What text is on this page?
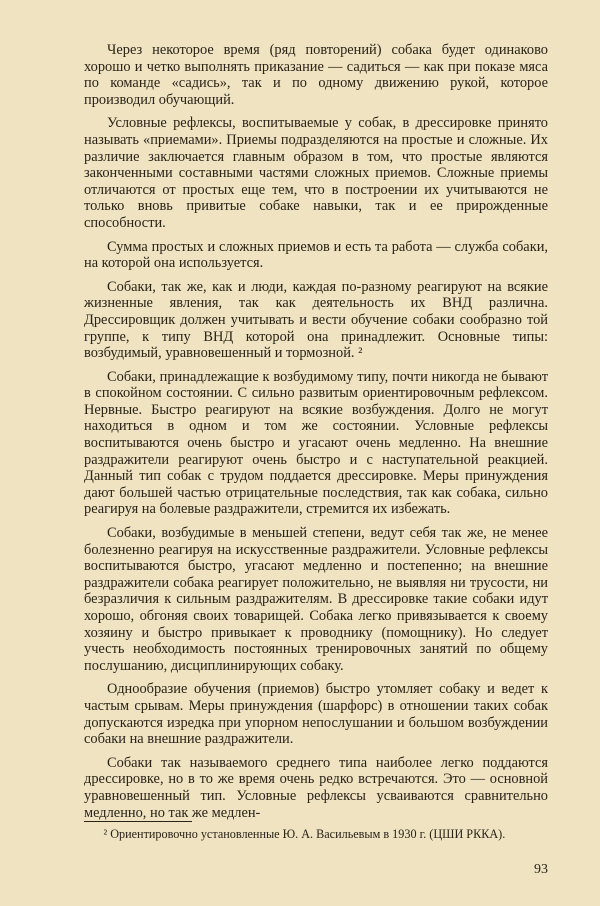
Через некоторое время (ряд повторений) собака будет одинаково хорошо и четко выполнять приказание — садиться — как при показе мяса по команде «садись», так и по одному движению рукой, которое производил обучающий.

Условные рефлексы, воспитываемые у собак, в дрессировке принято называть «приемами». Приемы подразделяются на простые и сложные. Их различие заключается главным образом в том, что простые являются законченными составными частями сложных приемов. Сложные приемы отличаются от простых еще тем, что в построении их учитываются не только вновь привитые собаке навыки, так и ее прирожденные способности.

Сумма простых и сложных приемов и есть та работа — служба собаки, на которой она используется.

Собаки, так же, как и люди, каждая по-разному реагируют на всякие жизненные явления, так как деятельность их ВНД различна. Дрессировщик должен учитывать и вести обучение собаки сообразно той группе, к типу ВНД которой она принадлежит. Основные типы: возбудимый, уравновешенный и тормозной. ²

Собаки, принадлежащие к возбудимому типу, почти никогда не бывают в спокойном состоянии. С сильно развитым ориентировочным рефлексом. Нервные. Быстро реагируют на всякие возбуждения. Долго не могут находиться в одном и том же состоянии. Условные рефлексы воспитываются очень быстро и угасают очень медленно. На внешние раздражители реагируют очень быстро и с наступательной реакцией. Данный тип собак с трудом поддается дрессировке. Меры принуждения дают большей частью отрицательные последствия, так как собака, сильно реагируя на болевые раздражители, стремится их избежать.

Собаки, возбудимые в меньшей степени, ведут себя так же, не менее болезненно реагируя на искусственные раздражители. Условные рефлексы воспитываются быстро, угасают медленно и постепенно; на внешние раздражители собака реагирует положительно, не выявляя ни трусости, ни безразличия к сильным раздражителям. В дрессировке такие собаки идут хорошо, обгоняя своих товарищей. Собака легко привязывается к своему хозяину и быстро привыкает к проводнику (помощнику). Но следует учесть необходимость постоянных тренировочных занятий по общему послушанию, дисциплинирующих собаку.

Однообразие обучения (приемов) быстро утомляет собаку и ведет к частым срывам. Меры принуждения (шарфорс) в отношении таких собак допускаются изредка при упорном непослушании и большом возбуждении собаки на внешние раздражители.

Собаки так называемого среднего типа наиболее легко поддаются дрессировке, но в то же время очень редко встречаются. Это — основной уравновешенный тип. Условные рефлексы усваиваются сравнительно медленно, но так же медлен-

² Ориентировочно установленные Ю. А. Васильевым в 1930 г. (ЦШИ РККА).

93
